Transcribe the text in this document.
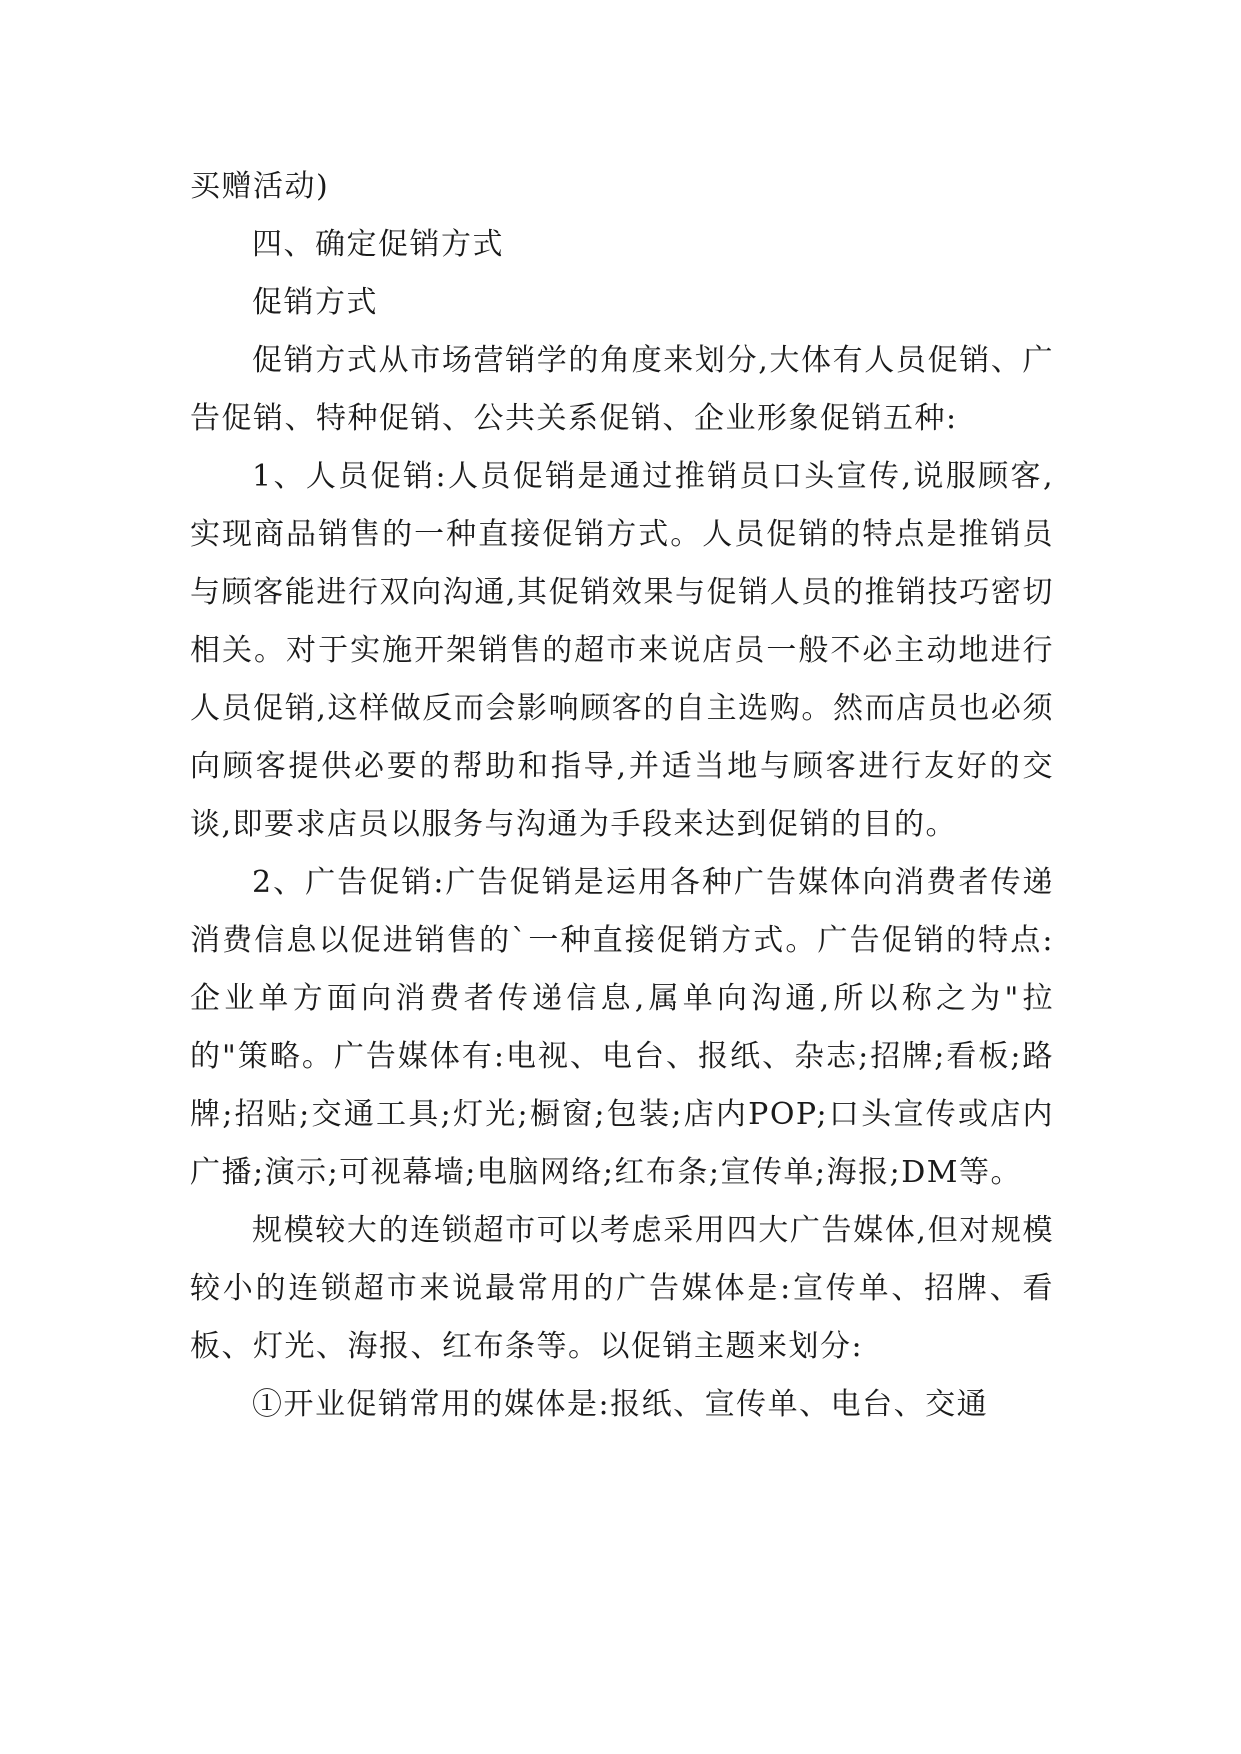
买赠活动)

四、确定促销方式

促销方式

促销方式从市场营销学的角度来划分,大体有人员促销、广告促销、特种促销、公共关系促销、企业形象促销五种:

1、人员促销:人员促销是通过推销员口头宣传,说服顾客,实现商品销售的一种直接促销方式。人员促销的特点是推销员与顾客能进行双向沟通,其促销效果与促销人员的推销技巧密切相关。对于实施开架销售的超市来说店员一般不必主动地进行人员促销,这样做反而会影响顾客的自主选购。然而店员也必须向顾客提供必要的帮助和指导,并适当地与顾客进行友好的交谈,即要求店员以服务与沟通为手段来达到促销的目的。

2、广告促销:广告促销是运用各种广告媒体向消费者传递消费信息以促进销售的`一种直接促销方式。广告促销的特点:企业单方面向消费者传递信息,属单向沟通,所以称之为"拉的"策略。广告媒体有:电视、电台、报纸、杂志;招牌;看板;路牌;招贴;交通工具;灯光;橱窗;包装;店内POP;口头宣传或店内广播;演示;可视幕墙;电脑网络;红布条;宣传单;海报;DM等。

规模较大的连锁超市可以考虑采用四大广告媒体,但对规模较小的连锁超市来说最常用的广告媒体是:宣传单、招牌、看板、灯光、海报、红布条等。以促销主题来划分:

①开业促销常用的媒体是:报纸、宣传单、电台、交通
